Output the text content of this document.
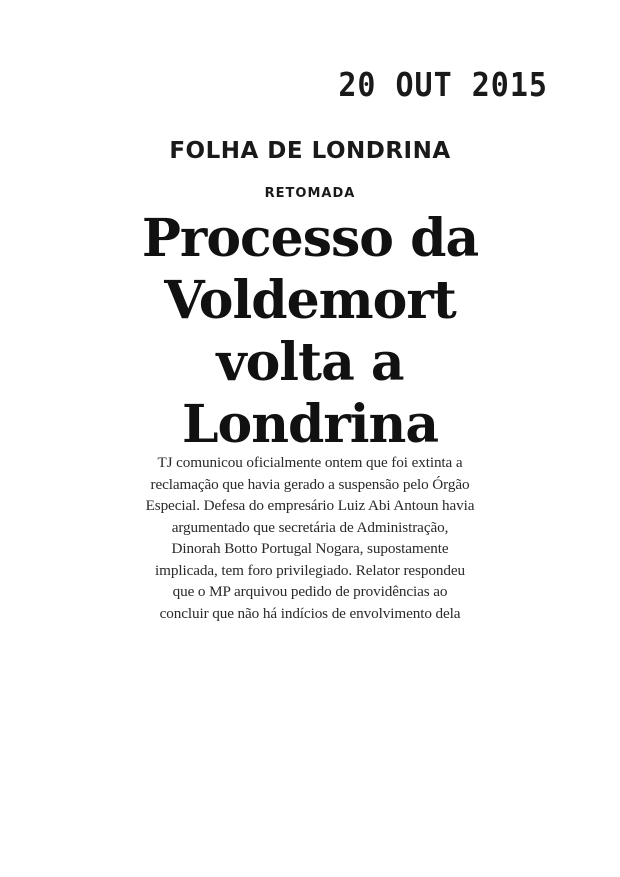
20 OUT 2015
FOLHA DE LONDRINA
RETOMADA
Processo da
Voldemort
volta a
Londrina
TJ comunicou oficialmente ontem que foi extinta a
reclamação que havia gerado a suspensão pelo Órgão
Especial. Defesa do empresário Luiz Abi Antoun havia
argumentado que secretária de Administração,
Dinorah Botto Portugal Nogara, supostamente
implicada, tem foro privilegiado. Relator respondeu
que o MP arquivou pedido de providências ao
concluir que não há indícios de envolvimento dela
